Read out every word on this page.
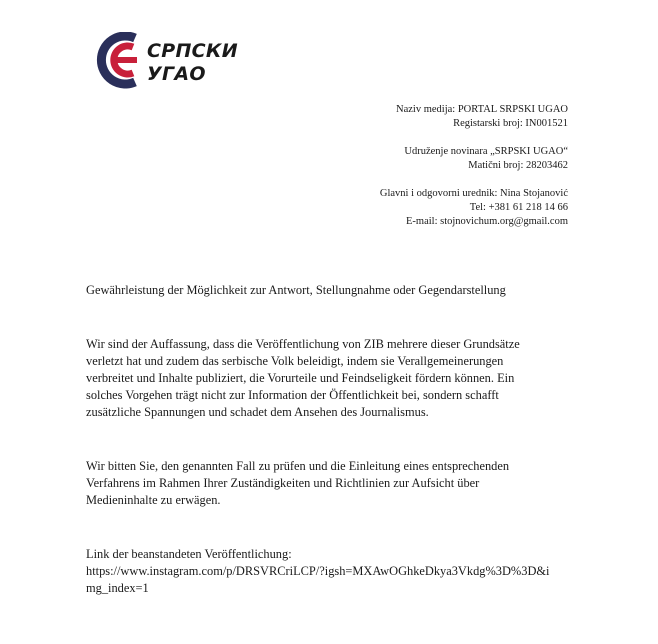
СРПСКИ
УГАО
Naziv medija: PORTAL SRPSKI UGAO
Registarski broj: IN001521
Udruženje novinara „SRPSKI UGAO“
Matični broj: 28203462
Glavni i odgovorni urednik: Nina Stojanović
Tel: +381 61 218 14 66
E-mail: stojnovichum.org@gmail.com
Gewährleistung der Möglichkeit zur Antwort, Stellungnahme oder Gegendarstellung
Wir sind der Auffassung, dass die Veröffentlichung von ZIB mehrere dieser Grundsätze
verletzt hat und zudem das serbische Volk beleidigt, indem sie Verallgemeinerungen
verbreitet und Inhalte publiziert, die Vorurteile und Feindseligkeit fördern können. Ein
solches Vorgehen trägt nicht zur Information der Öffentlichkeit bei, sondern schafft
zusätzliche Spannungen und schadet dem Ansehen des Journalismus.
Wir bitten Sie, den genannten Fall zu prüfen und die Einleitung eines entsprechenden
Verfahrens im Rahmen Ihrer Zuständigkeiten und Richtlinien zur Aufsicht über
Medieninhalte zu erwägen.
Link der beanstandeten Veröffentlichung:
https://www.instagram.com/p/DRSVRCriLCP/?igsh=MXAwOGhkeDkya3Vkdg%3D%3D&i
mg_index=1
